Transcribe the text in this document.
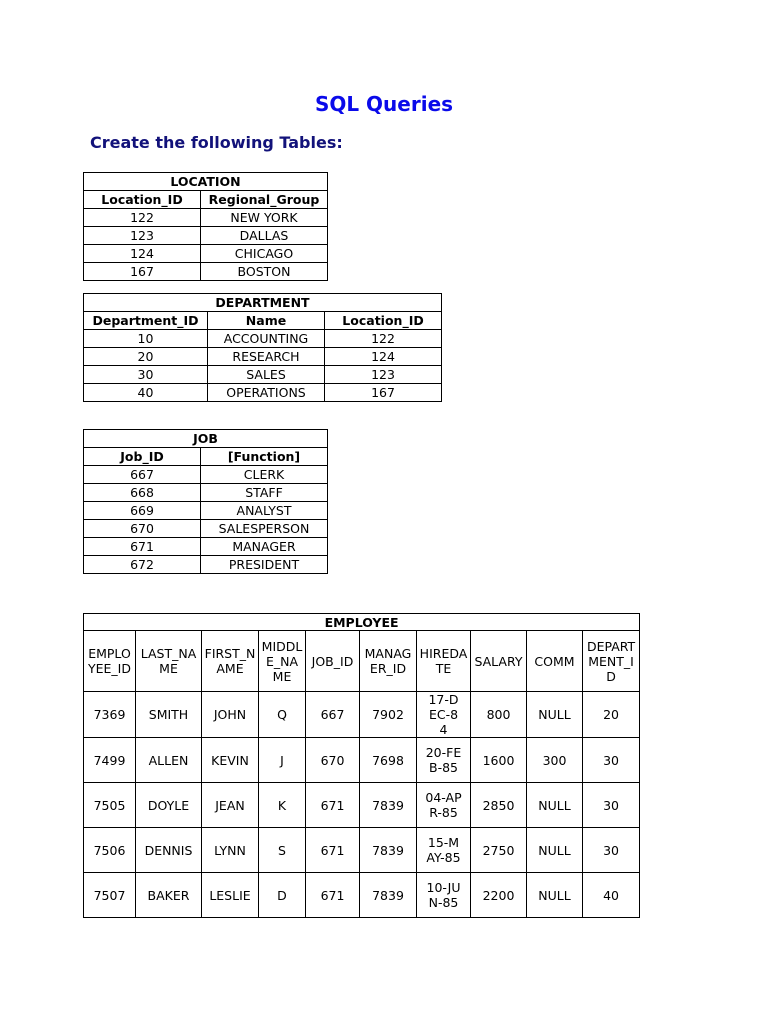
SQL Queries
Create the following Tables:
LOCATION	
Location_ID	Regional_Group
122	NEW YORK
123	DALLAS
124	CHICAGO
167	BOSTON
DEPARTMENT		
Department_ID	Name	Location_ID
10	ACCOUNTING	122
20	RESEARCH	124
30	SALES	123
40	OPERATIONS	167
JOB	
Job_ID	[Function]
667	CLERK
668	STAFF
669	ANALYST
670	SALESPERSON
671	MANAGER
672	PRESIDENT
EMPLOYEE									
EMPLOYEE_ID	LAST_NAME	FIRST_NAME	MIDDLE_NAME	JOB_ID	MANAGER_ID	HIREDATE	SALARY	COMM	DEPARTMENT_ID
7369	SMITH	JOHN	Q	667	7902	17-DEC-84	800	NULL	20
7499	ALLEN	KEVIN	J	670	7698	20-FEB-85	1600	300	30
7505	DOYLE	JEAN	K	671	7839	04-APR-85	2850	NULL	30
7506	DENNIS	LYNN	S	671	7839	15-MAY-85	2750	NULL	30
7507	BAKER	LESLIE	D	671	7839	10-JUN-85	2200	NULL	40
